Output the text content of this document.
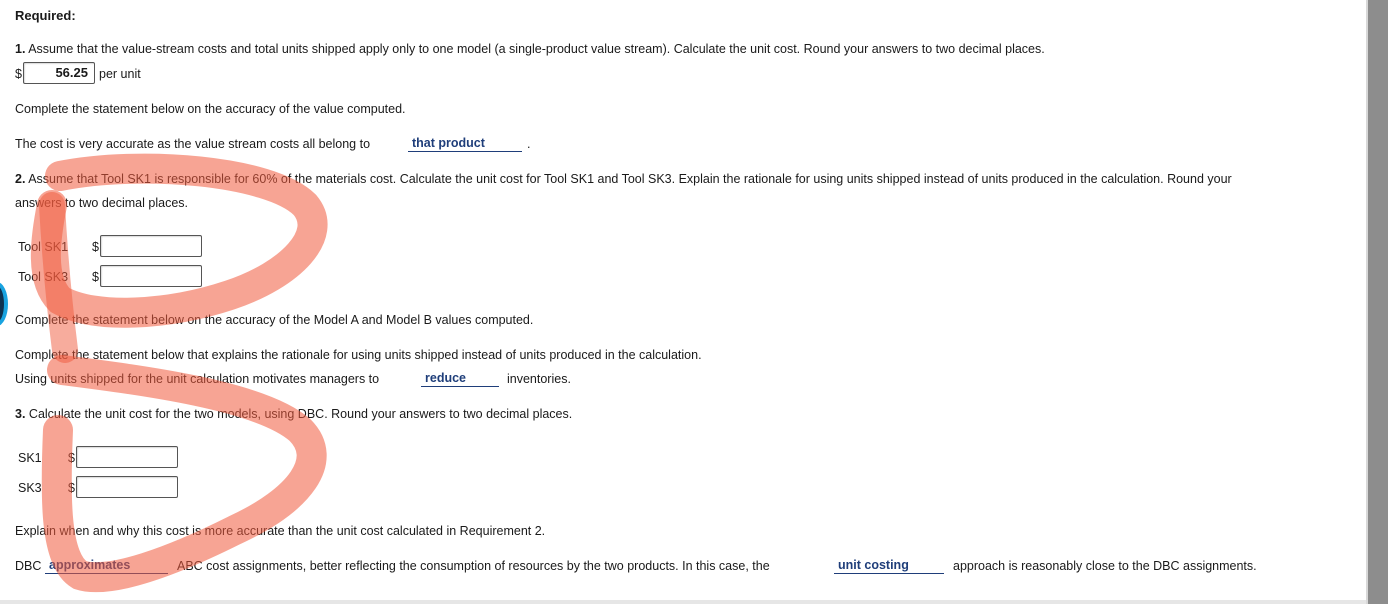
Required:
1. Assume that the value-stream costs and total units shipped apply only to one model (a single-product value stream). Calculate the unit cost. Round your answers to two decimal places.
$	56.25 per unit
Complete the statement below on the accuracy of the value computed.
The cost is very accurate as the value stream costs all belong to	that product	.
2. Assume that Tool SK1 is responsible for 60% of the materials cost. Calculate the unit cost for Tool SK1 and Tool SK3. Explain the rationale for using units shipped instead of units produced in the calculation. Round your
answers to two decimal places.
Tool SK1 $
Tool SK3 $
Complete the statement below on the accuracy of the Model A and Model B values computed.
Complete the statement below that explains the rationale for using units shipped instead of units produced in the calculation.
Using units shipped for the unit calculation motivates managers to	reduce	inventories.
3. Calculate the unit cost for the two models, using DBC. Round your answers to two decimal places.
SK1 $
SK3 $
Explain when and why this cost is more accurate than the unit cost calculated in Requirement 2.
DBC approximates	ABC cost assignments, better reflecting the consumption of resources by the two products. In this case, the	unit costing	approach is reasonably close to the DBC assignments.
